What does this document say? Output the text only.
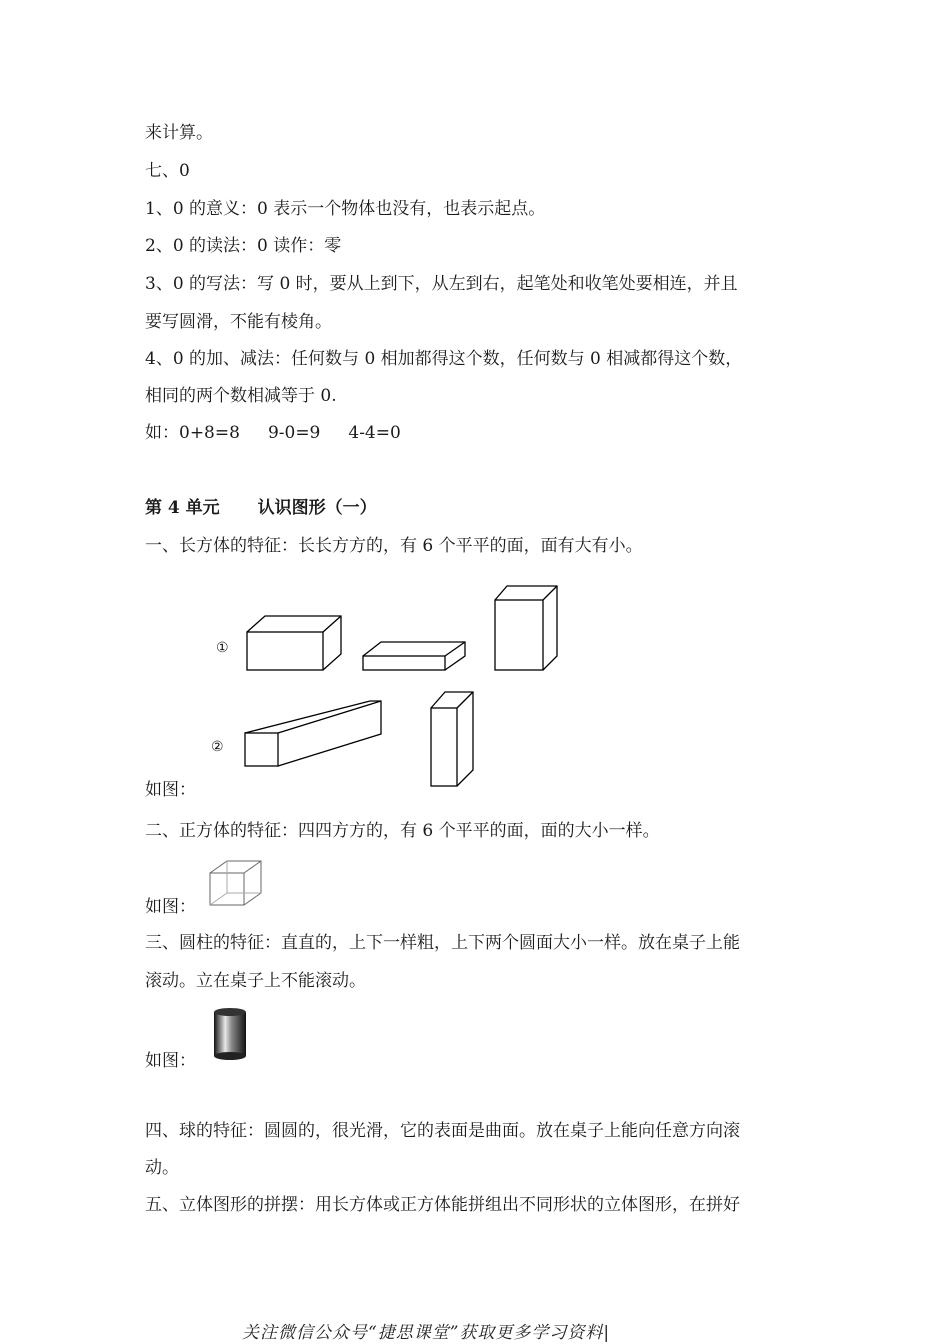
来计算。
七、0
1、0 的意义：0 表示一个物体也没有，也表示起点。
2、0 的读法：0 读作：零
3、0 的写法：写 0 时，要从上到下，从左到右，起笔处和收笔处要相连，并且
要写圆滑，不能有棱角。
4、0 的加、减法：任何数与 0 相加都得这个数，任何数与 0 相减都得这个数，
相同的两个数相减等于 0.
如：0+8=8 9-0=9 4-4=0
第 4 单元 认识图形（一）
一、长方体的特征：长长方方的，有 6 个平平的面，面有大有小。
①
②
如图：
二、正方体的特征：四四方方的，有 6 个平平的面，面的大小一样。
如图：
三、圆柱的特征：直直的，上下一样粗，上下两个圆面大小一样。放在桌子上能
滚动。立在桌子上不能滚动。
如图：
四、球的特征：圆圆的，很光滑，它的表面是曲面。放在桌子上能向任意方向滚
动。
五、立体图形的拼摆：用长方体或正方体能拼组出不同形状的立体图形，在拼好
关注微信公众号“捷思课堂”获取更多学习资料|
